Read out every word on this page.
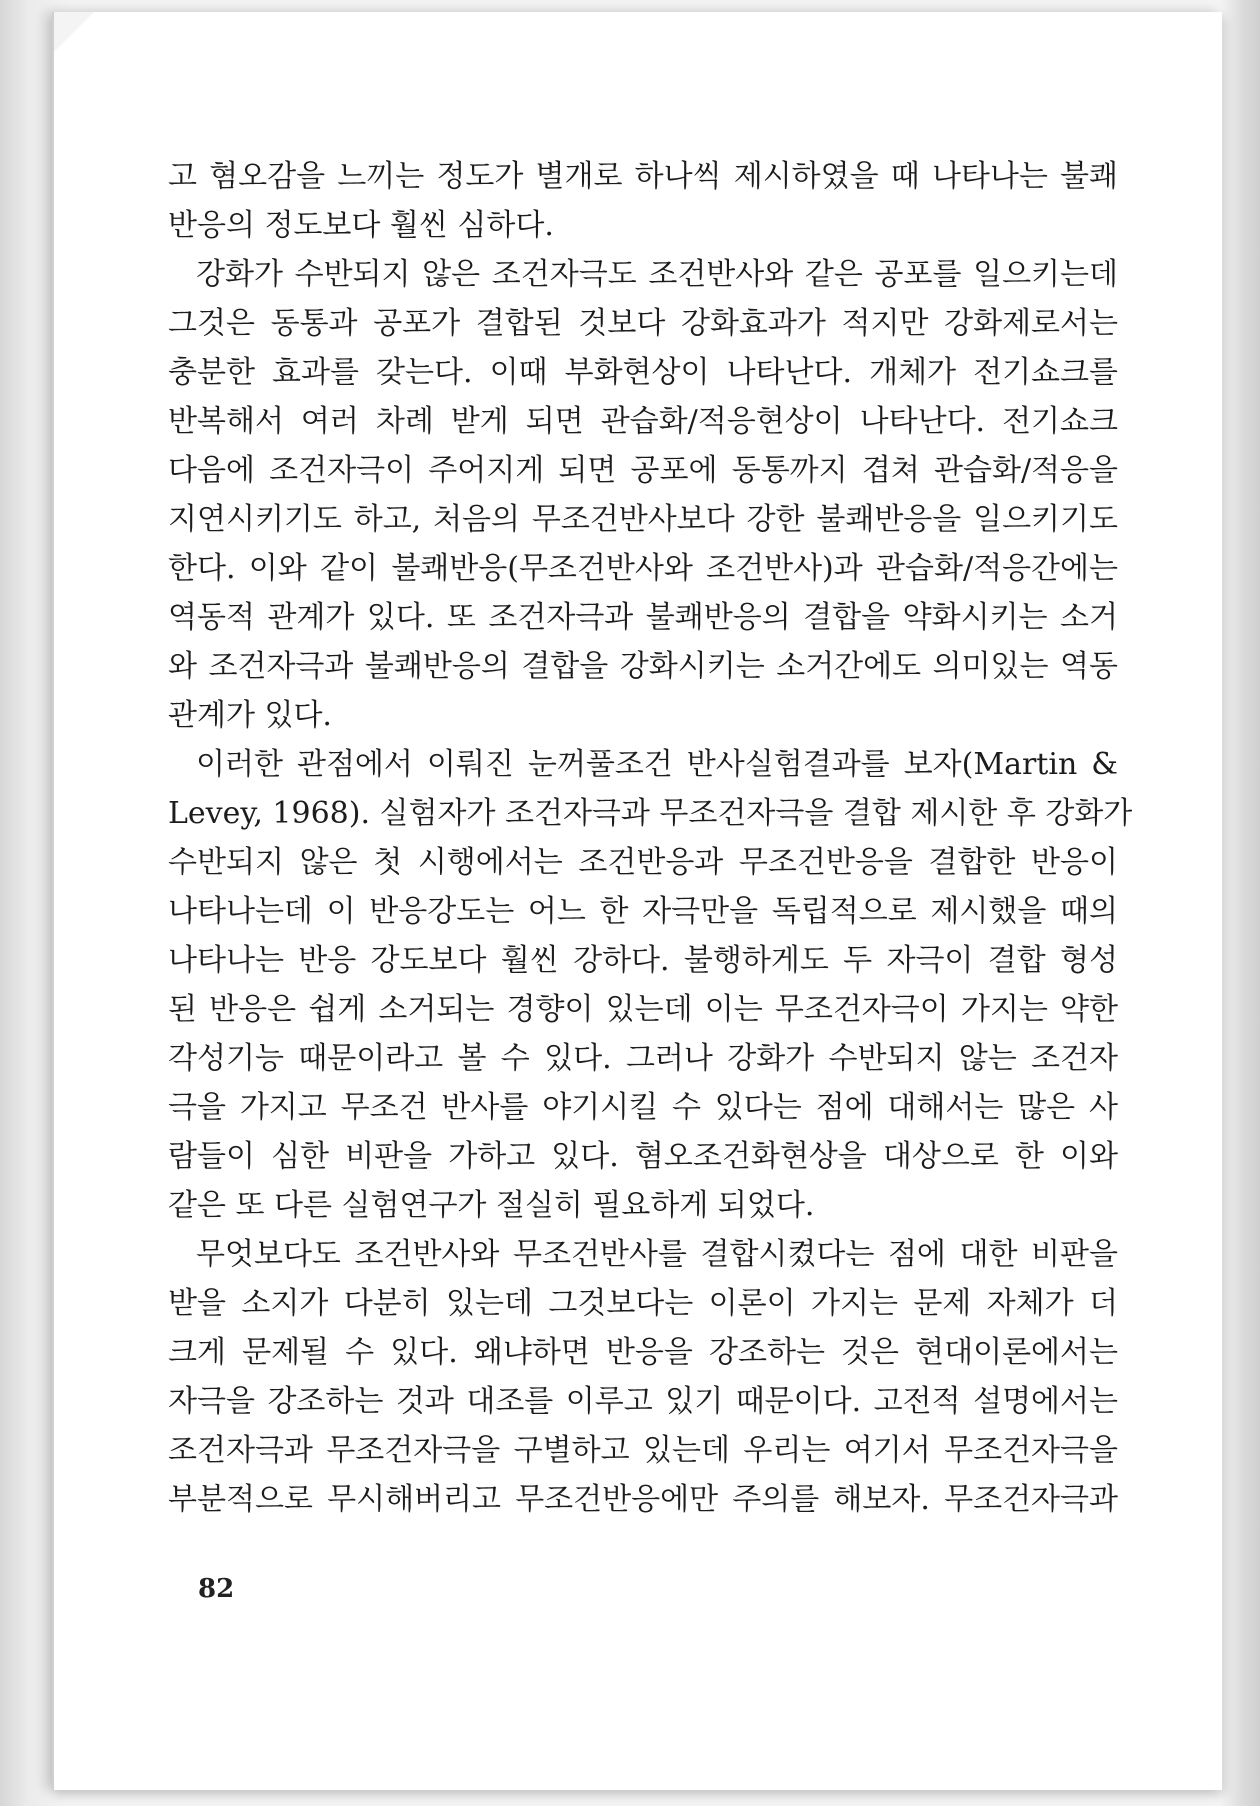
고 혐오감을 느끼는 정도가 별개로 하나씩 제시하였을 때 나타나는 불쾌
반응의 정도보다 훨씬 심하다.
강화가 수반되지 않은 조건자극도 조건반사와 같은 공포를 일으키는데
그것은 동통과 공포가 결합된 것보다 강화효과가 적지만 강화제로서는
충분한 효과를 갖는다. 이때 부화현상이 나타난다. 개체가 전기쇼크를
반복해서 여러 차례 받게 되면 관습화/적응현상이 나타난다. 전기쇼크
다음에 조건자극이 주어지게 되면 공포에 동통까지 겹쳐 관습화/적응을
지연시키기도 하고, 처음의 무조건반사보다 강한 불쾌반응을 일으키기도
한다. 이와 같이 불쾌반응(무조건반사와 조건반사)과 관습화/적응간에는
역동적 관계가 있다. 또 조건자극과 불쾌반응의 결합을 약화시키는 소거
와 조건자극과 불쾌반응의 결합을 강화시키는 소거간에도 의미있는 역동
관계가 있다.
이러한 관점에서 이뤄진 눈꺼풀조건 반사실험결과를 보자(Martin &
Levey, 1968). 실험자가 조건자극과 무조건자극을 결합 제시한 후 강화가
수반되지 않은 첫 시행에서는 조건반응과 무조건반응을 결합한 반응이
나타나는데 이 반응강도는 어느 한 자극만을 독립적으로 제시했을 때의
나타나는 반응 강도보다 훨씬 강하다. 불행하게도 두 자극이 결합 형성
된 반응은 쉽게 소거되는 경향이 있는데 이는 무조건자극이 가지는 약한
각성기능 때문이라고 볼 수 있다. 그러나 강화가 수반되지 않는 조건자
극을 가지고 무조건 반사를 야기시킬 수 있다는 점에 대해서는 많은 사
람들이 심한 비판을 가하고 있다. 혐오조건화현상을 대상으로 한 이와
같은 또 다른 실험연구가 절실히 필요하게 되었다.
무엇보다도 조건반사와 무조건반사를 결합시켰다는 점에 대한 비판을
받을 소지가 다분히 있는데 그것보다는 이론이 가지는 문제 자체가 더
크게 문제될 수 있다. 왜냐하면 반응을 강조하는 것은 현대이론에서는
자극을 강조하는 것과 대조를 이루고 있기 때문이다. 고전적 설명에서는
조건자극과 무조건자극을 구별하고 있는데 우리는 여기서 무조건자극을
부분적으로 무시해버리고 무조건반응에만 주의를 해보자. 무조건자극과
82
